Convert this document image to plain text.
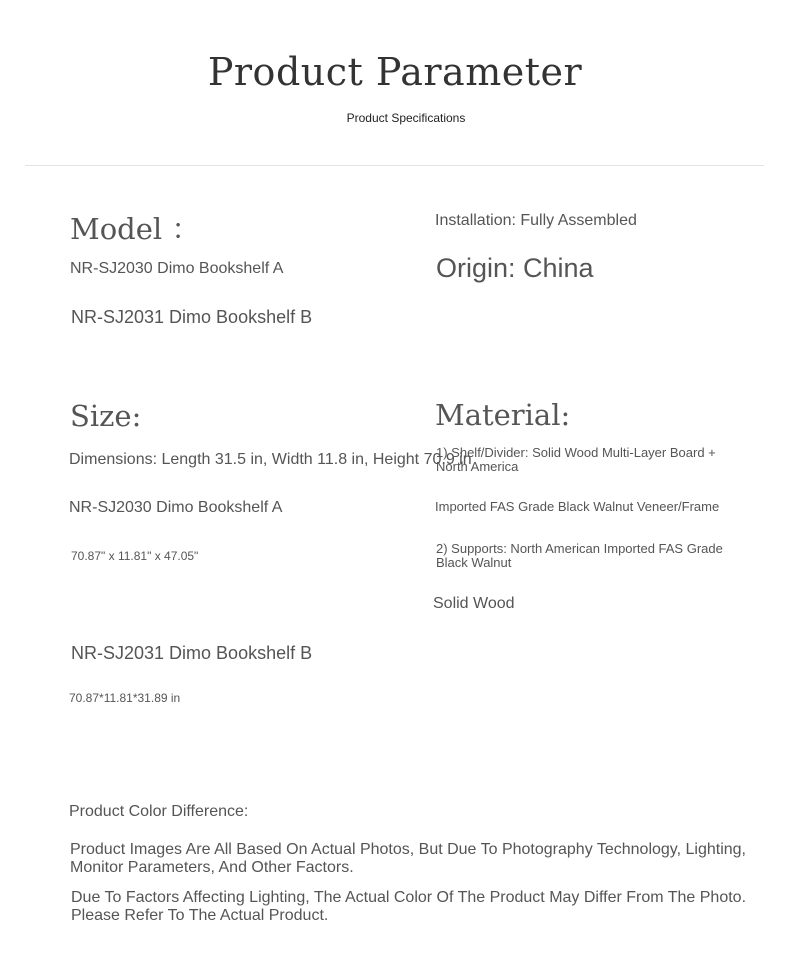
Product Parameter
Product Specifications
Model ：
NR-SJ2030 Dimo Bookshelf A
NR-SJ2031 Dimo Bookshelf B
Installation: Fully Assembled
Origin: China
Size:
Dimensions: Length 31.5 in, Width 11.8 in, Height 70.9 in
NR-SJ2030 Dimo Bookshelf A
70.87" x 11.81" x 47.05"
NR-SJ2031 Dimo Bookshelf B
70.87*11.81*31.89 in
Material:
1) Shelf/Divider: Solid Wood Multi-Layer Board + North America
Imported FAS Grade Black Walnut Veneer/Frame
2) Supports: North American Imported FAS Grade Black Walnut
Solid Wood
Product Color Difference:
Product Images Are All Based On Actual Photos, But Due To Photography Technology, Lighting, Monitor Parameters, And Other Factors.
Due To Factors Affecting Lighting, The Actual Color Of The Product May Differ From The Photo. Please Refer To The Actual Product.
